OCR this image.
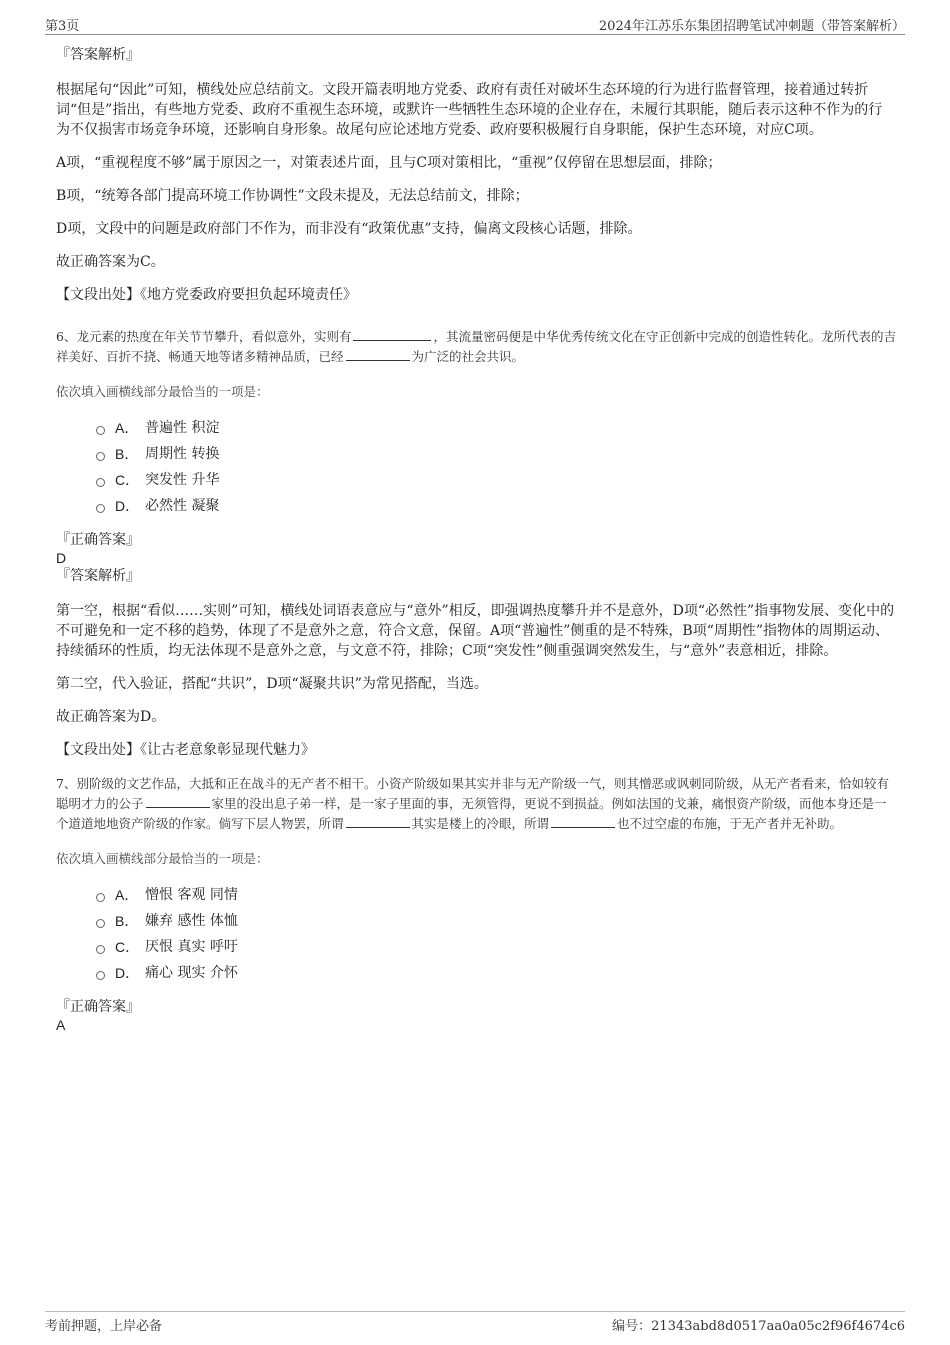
第3页	2024年江苏乐东集团招聘笔试冲刺题（带答案解析）
『答案解析』

根据尾句“因此”可知，横线处应总结前文。文段开篇表明地方党委、政府有责任对破坏生态环境的行为进行监督管理，接着通过转折词“但是”指出，有些地方党委、政府不重视生态环境，或默许一些牺牲生态环境的企业存在，未履行其职能，随后表示这种不作为的行为不仅损害市场竞争环境，还影响自身形象。故尾句应论述地方党委、政府要积极履行自身职能，保护生态环境，对应C项。

A项，“重视程度不够”属于原因之一，对策表述片面，且与C项对策相比，“重视”仅停留在思想层面，排除；

B项，“统筹各部门提高环境工作协调性”文段未提及，无法总结前文，排除；

D项，文段中的问题是政府部门不作为，而非没有“政策优惠”支持，偏离文段核心话题，排除。

故正确答案为C。

【文段出处】《地方党委政府要担负起环境责任》

6、龙元素的热度在年关节节攀升，看似意外，实则有	，其流量密码便是中华优秀传统文化在守正创新中完成的创造性转化。龙所代表的吉祥美好、百折不挠、畅通天地等诸多精神品质，已经	为广泛的社会共识。
依次填入画横线部分最恰当的一项是：
A． 普遍性 积淀
B． 周期性 转换
C． 突发性 升华
D． 必然性 凝聚
『正确答案』
D
『答案解析』

第一空，根据“看似……实则”可知，横线处词语表意应与“意外”相反，即强调热度攀升并不是意外，D项“必然性”指事物发展、变化中的不可避免和一定不移的趋势，体现了不是意外之意，符合文意，保留。A项“普遍性”侧重的是不特殊，B项“周期性”指物体的周期运动、持续循环的性质，均无法体现不是意外之意，与文意不符，排除；C项“突发性”侧重强调突然发生，与“意外”表意相近，排除。

第二空，代入验证，搭配“共识”，D项“凝聚共识”为常见搭配，当选。

故正确答案为D。

【文段出处】《让古老意象彰显现代魅力》

7、别阶级的文艺作品，大抵和正在战斗的无产者不相干。小资产阶级如果其实并非与无产阶级一气，则其憎恶或讽刺同阶级，从无产者看来，恰如较有聪明才力的公子	家里的没出息子弟一样，是一家子里面的事，无须管得，更说不到损益。例如法国的戈兼，痛恨资产阶级，而他本身还是一个道道地地资产阶级的作家。倘写下层人物罢，所谓	其实是楼上的冷眼，所谓	也不过空虚的布施，于无产者并无补助。
依次填入画横线部分最恰当的一项是：
A． 憎恨 客观 同情
B． 嫌弃 感性 体恤
C． 厌恨 真实 呼吁
D． 痛心 现实 介怀
『正确答案』
A
考前押题，上岸必备	编号：21343abd8d0517aa0a05c2f96f4674c6
